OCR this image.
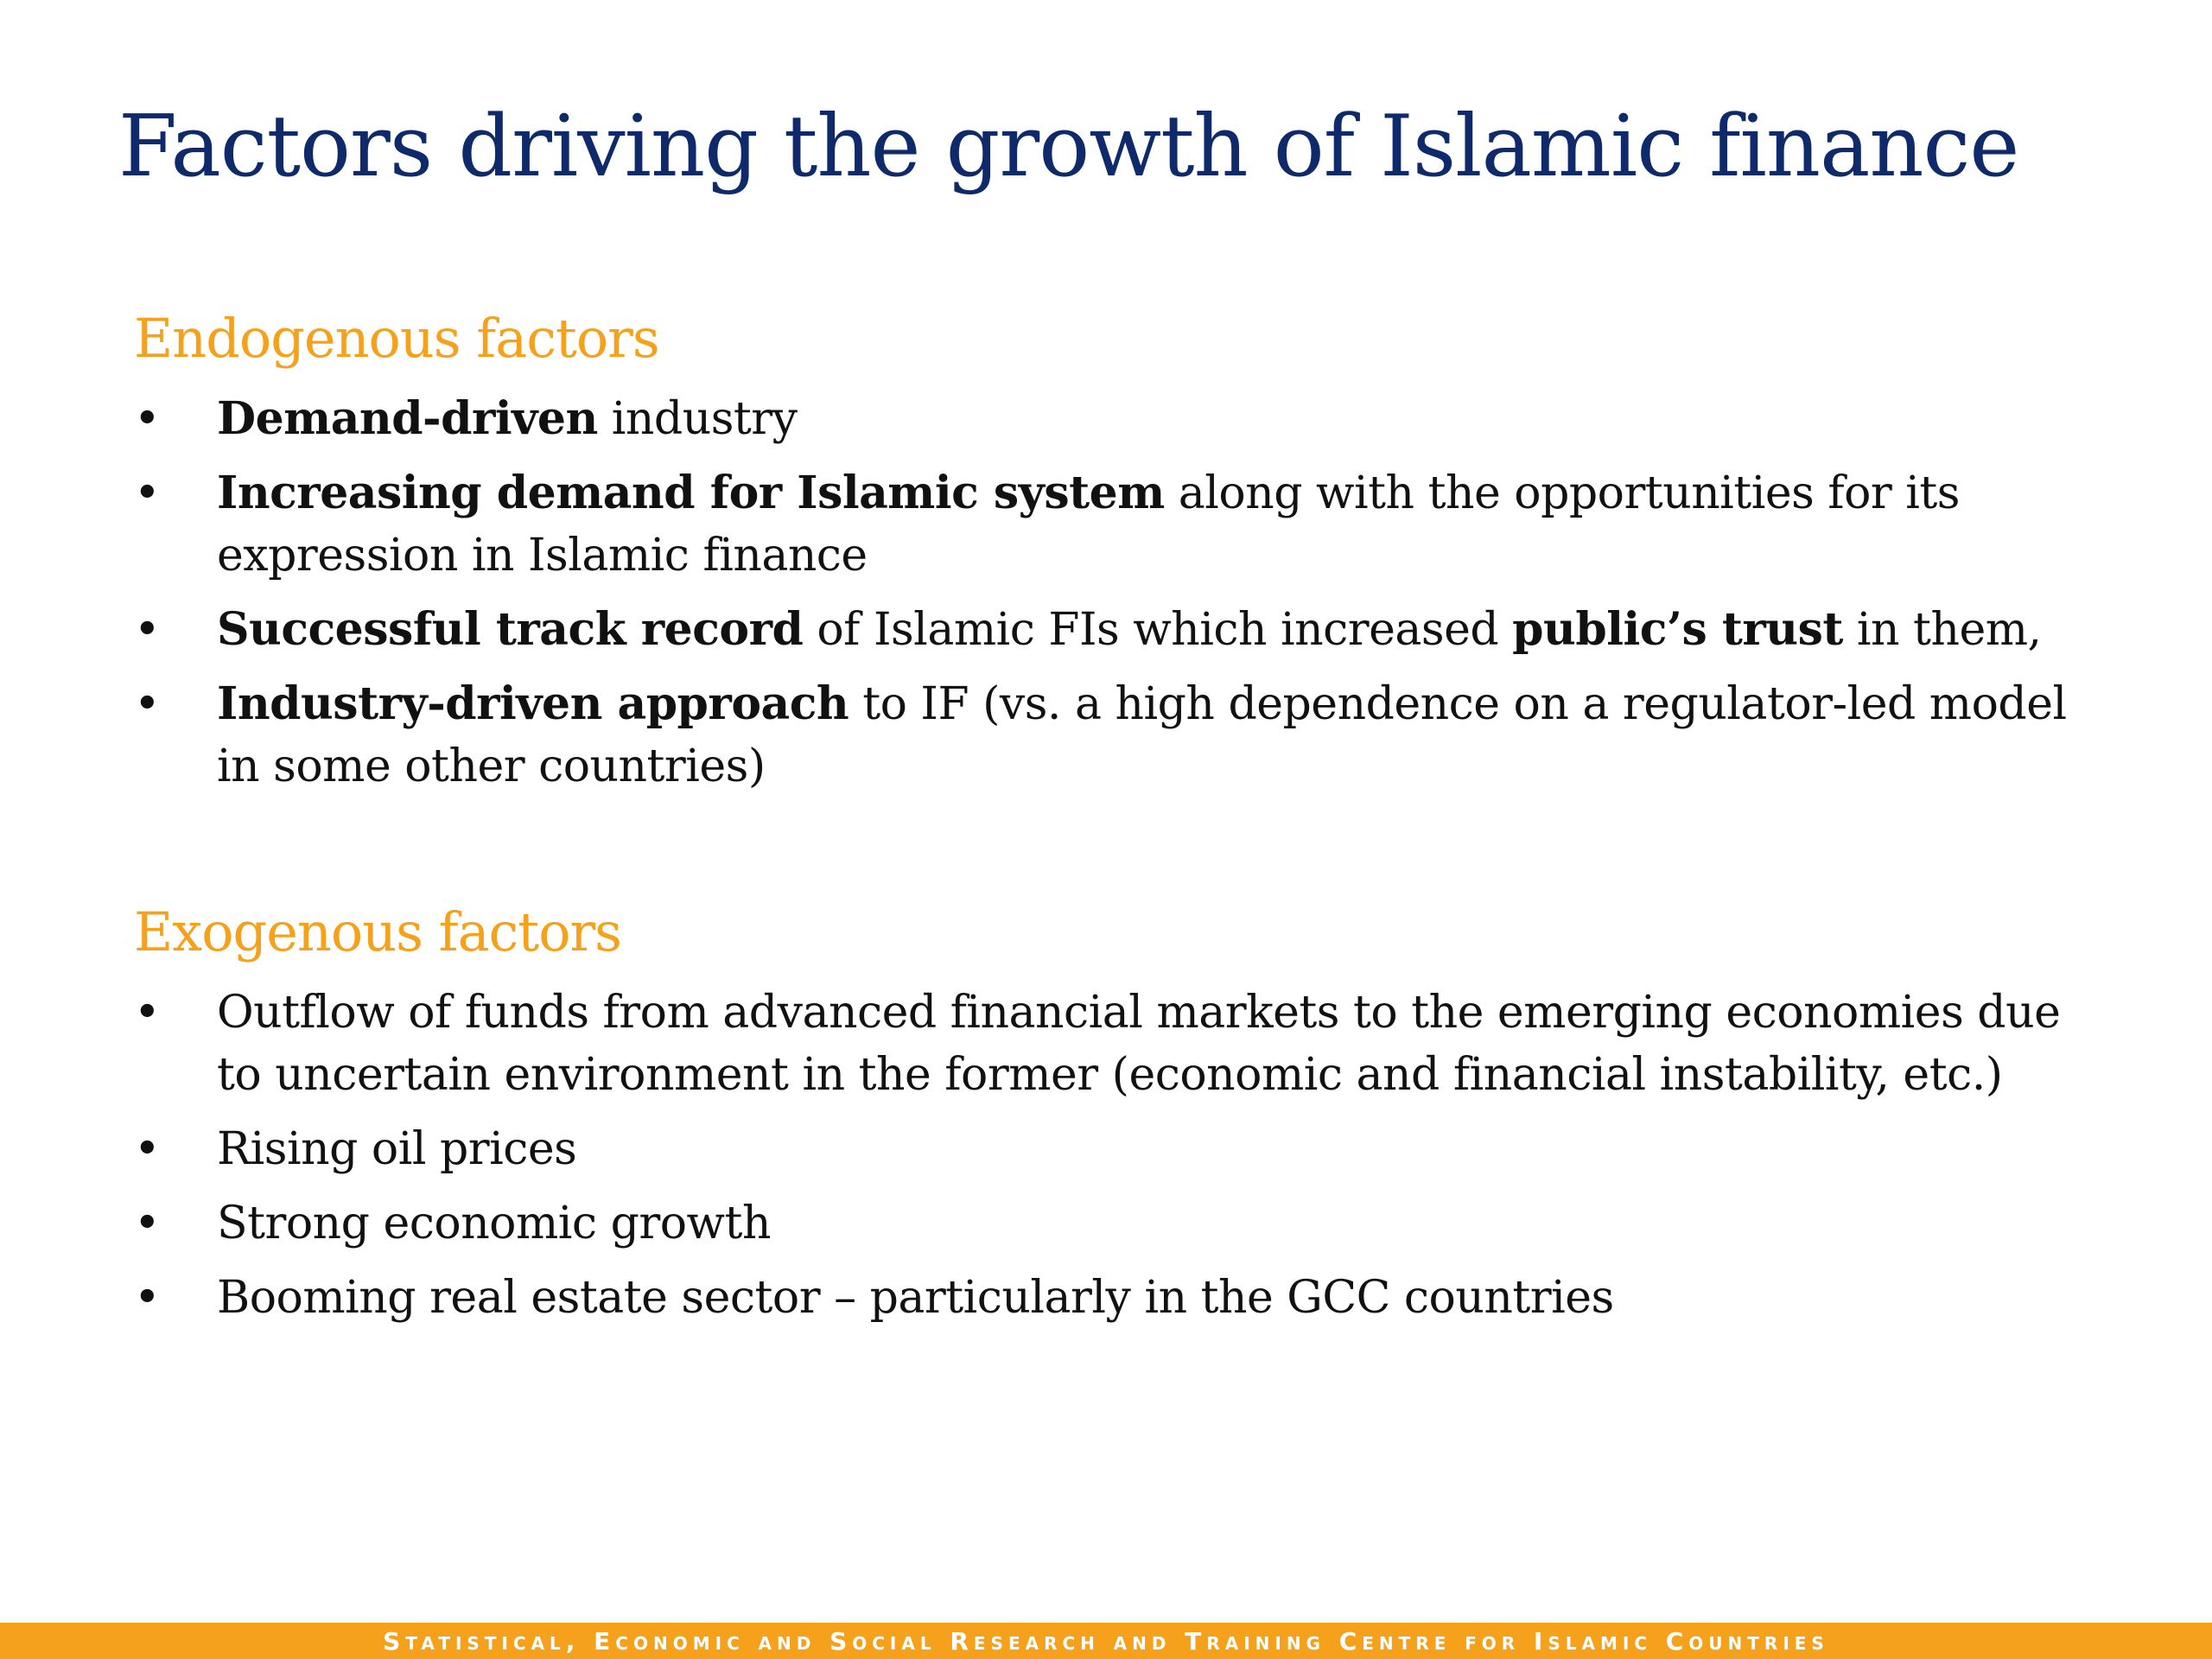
Factors driving the growth of Islamic finance
Endogenous factors
• Demand-driven industry
• Increasing demand for Islamic system along with the opportunities for its expression in Islamic finance
• Successful track record of Islamic FIs which increased public’s trust in them,
• Industry-driven approach to IF (vs. a high dependence on a regulator-led model in some other countries)
Exogenous factors
• Outflow of funds from advanced financial markets to the emerging economies due to uncertain environment in the former (economic and financial instability, etc.)
• Rising oil prices
• Strong economic growth
• Booming real estate sector – particularly in the GCC countries
Statistical, Economic and Social Research and Training Centre for Islamic Countries
